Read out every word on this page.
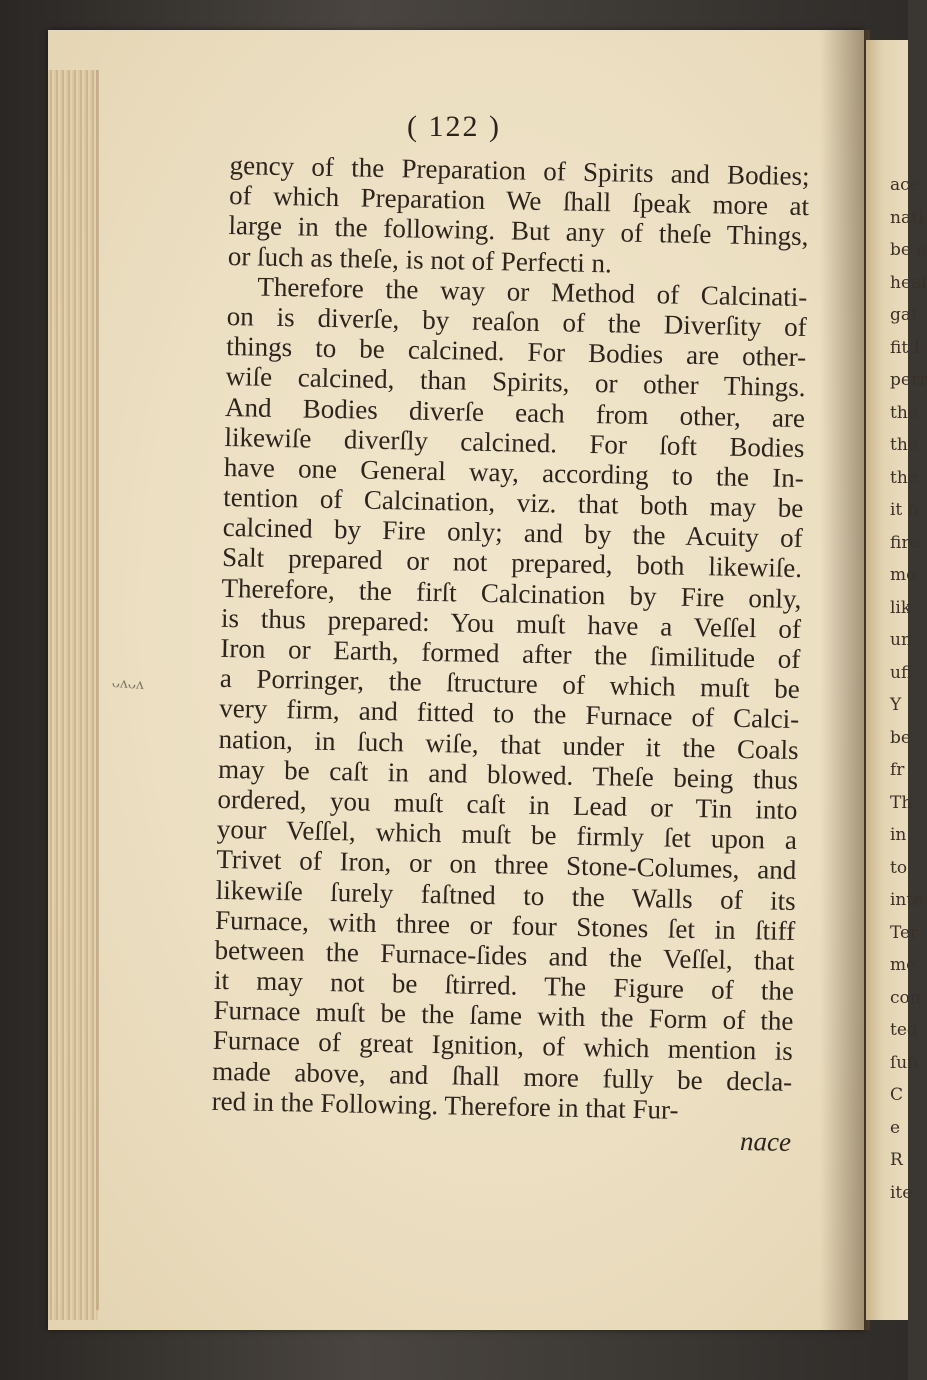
ace
nati
be c
heal
gat
fit I
perr
the
the
the
it b
fire
mo
lik
un
ufi
Y
be
fr
Th
in
to
inte
Ter
me
con
ted
ſufi
C
e
R
ite
( 122 )
ᴗᴧᴗᴧ
gency of the Preparation of Spirits and Bodies;
of which Preparation We ſhall ſpeak more at
large in the following. But any of theſe Things,
or ſuch as theſe, is not of Perfecti n.
Therefore the way or Method of Calcinati-
on is diverſe, by reaſon of the Diverſity of
things to be calcined. For Bodies are other-
wiſe calcined, than Spirits, or other Things.
And Bodies diverſe each from other, are
likewiſe diverſly calcined. For ſoft Bodies
have one General way, according to the In-
tention of Calcination, viz. that both may be
calcined by Fire only; and by the Acuity of
Salt prepared or not prepared, both likewiſe.
Therefore, the firſt Calcination by Fire only,
is thus prepared: You muſt have a Veſſel of
Iron or Earth, formed after the ſimilitude of
a Porringer, the ſtructure of which muſt be
very firm, and fitted to the Furnace of Calci-
nation, in ſuch wiſe, that under it the Coals
may be caſt in and blowed. Theſe being thus
ordered, you muſt caſt in Lead or Tin into
your Veſſel, which muſt be firmly ſet upon a
Trivet of Iron, or on three Stone-Columes, and
likewiſe ſurely faſtned to the Walls of its
Furnace, with three or four Stones ſet in ſtiff
between the Furnace-ſides and the Veſſel, that
it may not be ſtirred. The Figure of the
Furnace muſt be the ſame with the Form of the
Furnace of great Ignition, of which mention is
made above, and ſhall more fully be decla-
red in the Following. Therefore in that Fur-
nace
